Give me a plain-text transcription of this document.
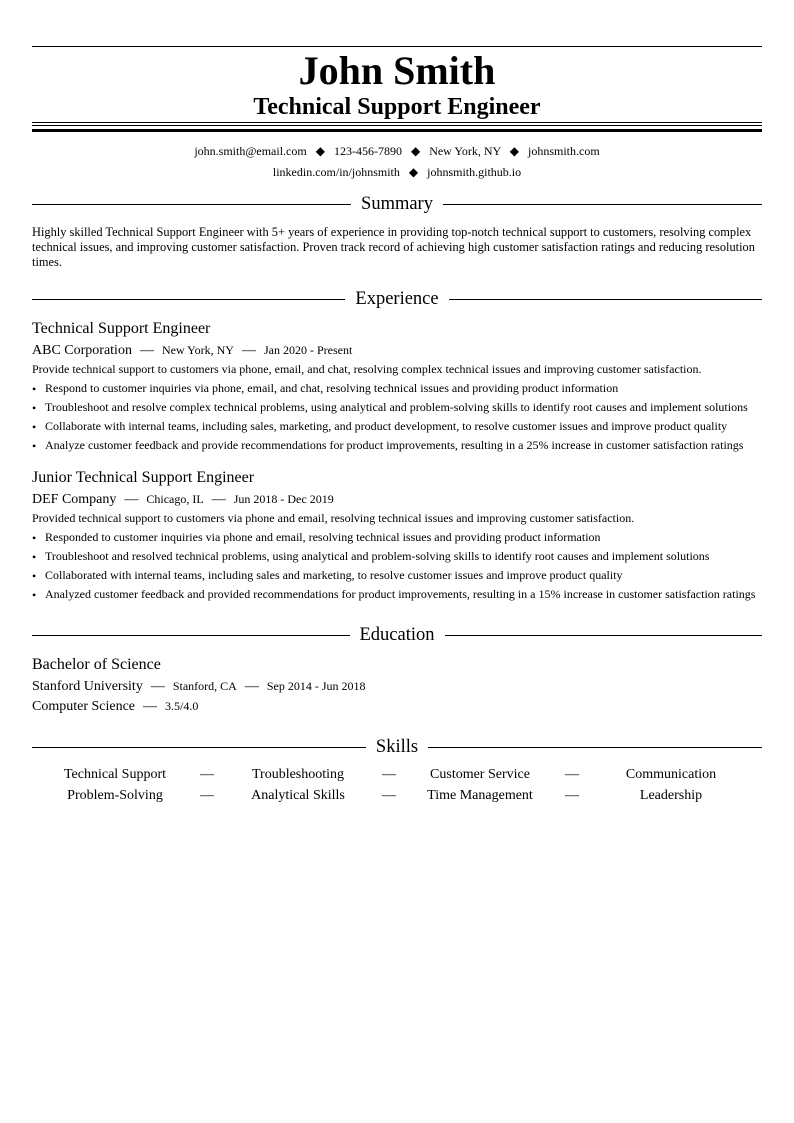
John Smith
Technical Support Engineer
john.smith@email.com ◆ 123-456-7890 ◆ New York, NY ◆ johnsmith.com
linkedin.com/in/johnsmith ◆ johnsmith.github.io
Summary
Highly skilled Technical Support Engineer with 5+ years of experience in providing top-notch technical support to customers, resolving complex technical issues, and improving customer satisfaction. Proven track record of achieving high customer satisfaction ratings and reducing resolution times.
Experience
Technical Support Engineer
ABC Corporation — New York, NY — Jan 2020 - Present
Provide technical support to customers via phone, email, and chat, resolving complex technical issues and improving customer satisfaction.
• Respond to customer inquiries via phone, email, and chat, resolving technical issues and providing product information
• Troubleshoot and resolve complex technical problems, using analytical and problem-solving skills to identify root causes and implement solutions
• Collaborate with internal teams, including sales, marketing, and product development, to resolve customer issues and improve product quality
• Analyze customer feedback and provide recommendations for product improvements, resulting in a 25% increase in customer satisfaction ratings
Junior Technical Support Engineer
DEF Company — Chicago, IL — Jun 2018 - Dec 2019
Provided technical support to customers via phone and email, resolving technical issues and improving customer satisfaction.
• Responded to customer inquiries via phone and email, resolving technical issues and providing product information
• Troubleshoot and resolved technical problems, using analytical and problem-solving skills to identify root causes and implement solutions
• Collaborated with internal teams, including sales and marketing, to resolve customer issues and improve product quality
• Analyzed customer feedback and provided recommendations for product improvements, resulting in a 15% increase in customer satisfaction ratings
Education
Bachelor of Science
Stanford University — Stanford, CA — Sep 2014 - Jun 2018
Computer Science — 3.5/4.0
Skills
Technical Support	—	Troubleshooting	—	Customer Service	—	Communication
Problem-Solving	—	Analytical Skills	—	Time Management	—	Leadership
